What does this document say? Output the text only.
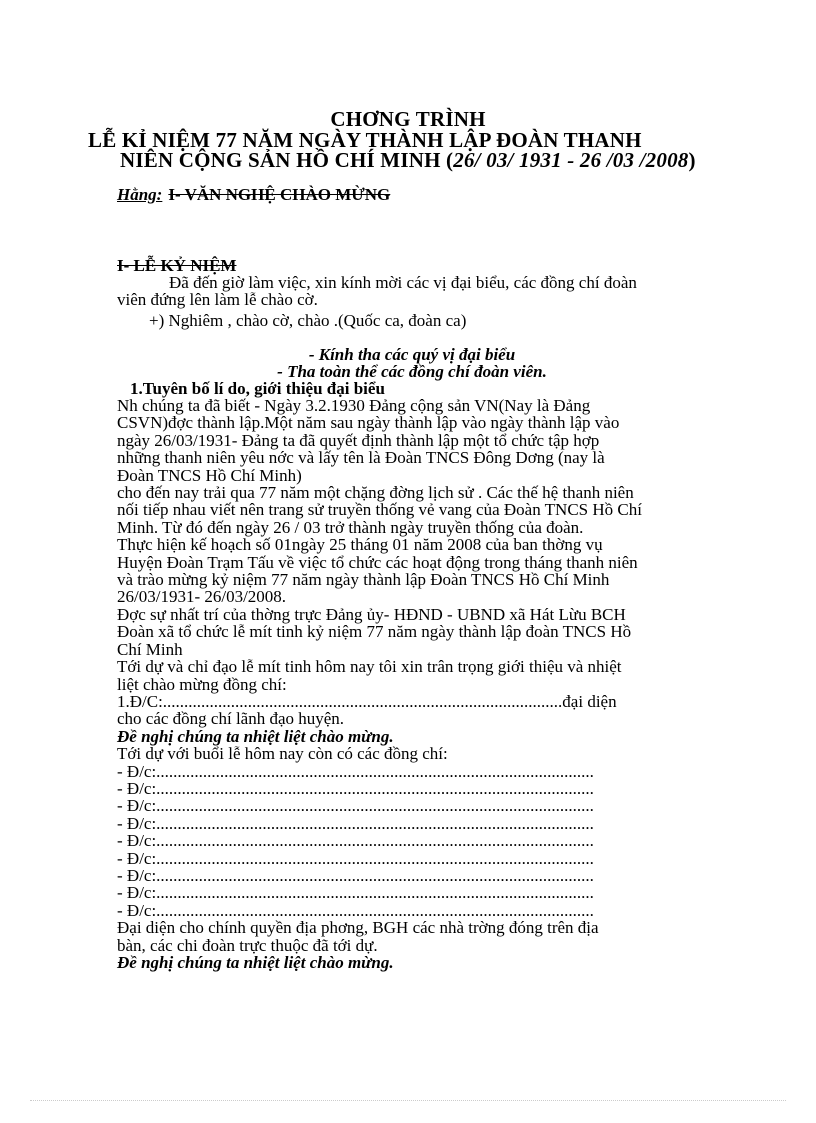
CHƠNG TRÌNH
LỄ KỈ NIỆM 77 NĂM NGÀY THÀNH LẬP ĐOÀN THANH
NIÊN CỘNG SẢN HỒ CHÍ MINH (26/ 03/ 1931 - 26 /03 /2008)
Hằng: I- VĂN NGHỆ CHÀO MỪNG
I- LỄ KỶ NIỆM
Đã đến giờ làm việc, xin kính mời các vị đại biểu, các đồng chí đoàn
viên đứng lên làm lễ chào cờ.
+) Nghiêm , chào cờ, chào .(Quốc ca, đoàn ca)
- Kính tha các quý vị đại biểu
- Tha toàn thể các đồng chí đoàn viên.
1.Tuyên bố lí do, giới thiệu đại biểu
Nh chúng ta đã biết - Ngày 3.2.1930 Đảng cộng sản VN(Nay là Đảng
CSVN)đợc thành lập.Một năm sau ngày thành lập vào ngày thành lập vào
ngày 26/03/1931- Đảng ta đã quyết định thành lập một tổ chức tập hợp
những thanh niên yêu nớc và lấy tên là Đoàn TNCS Đông Dơng (nay là
Đoàn TNCS Hồ Chí Minh)
cho đến nay trải qua 77 năm một chặng đờng lịch sử . Các thế hệ thanh niên
nối tiếp nhau viết nên trang sử truyền thống vẻ vang của Đoàn TNCS Hồ Chí
Minh. Từ đó đến ngày 26 / 03 trở thành ngày truyền thống của đoàn.
Thực hiện kế hoạch số 01ngày 25 tháng 01 năm 2008 của ban thờng vụ
Huyện Đoàn Trạm Tấu về việc tổ chức các hoạt động trong tháng thanh niên
và trào mừng kỷ niệm 77 năm ngày thành lập Đoàn TNCS Hồ Chí Minh
26/03/1931- 26/03/2008.
Đợc sự nhất trí của thờng trực Đảng ủy- HĐND - UBND xã Hát Lừu BCH
Đoàn xã tổ chức lễ mít tinh kỷ niệm 77 năm ngày thành lập đoàn TNCS Hồ
Chí Minh
Tới dự và chỉ đạo lễ mít tinh hôm nay tôi xin trân trọng giới thiệu và nhiệt
liệt chào mừng đồng chí:
1.Đ/C:..............................................................................................đại diện
cho các đồng chí lãnh đạo huyện.
Đề nghị chúng ta nhiệt liệt chào mừng.
Tới dự với buổi lễ hôm nay còn có các đồng chí:
- Đ/c:.......................................................................................................
- Đ/c:.......................................................................................................
- Đ/c:.......................................................................................................
- Đ/c:.......................................................................................................
- Đ/c:.......................................................................................................
- Đ/c:.......................................................................................................
- Đ/c:.......................................................................................................
- Đ/c:.......................................................................................................
- Đ/c:.......................................................................................................
Đại diện cho chính quyền địa phơng, BGH các nhà trờng đóng trên địa
bàn, các chi đoàn trực thuộc đã tới dự.
Đề nghị chúng ta nhiệt liệt chào mừng.
